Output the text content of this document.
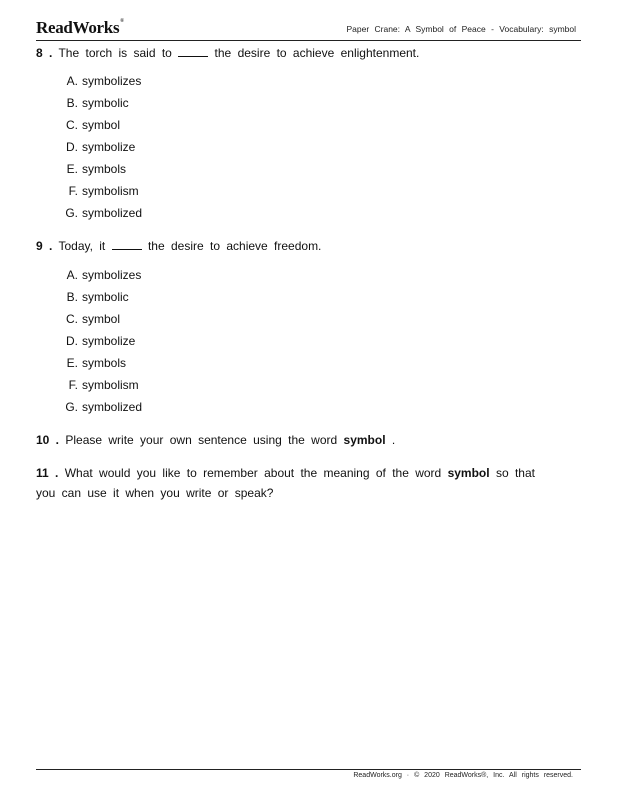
ReadWorks®
Paper Crane: A Symbol of Peace - Vocabulary: symbol
8 . The torch is said to	the desire to achieve enlightenment.
A. symbolizes
B. symbolic
C. symbol
D. symbolize
E. symbols
F. symbolism
G. symbolized
9 . Today, it	the desire to achieve freedom.
A. symbolizes
B. symbolic
C. symbol
D. symbolize
E. symbols
F. symbolism
G. symbolized
10 . Please write your own sentence using the word symbol .
11 . What would you like to remember about the meaning of the word symbol so that
you can use it when you write or speak?
ReadWorks.org · © 2020 ReadWorks®, Inc. All rights reserved.
